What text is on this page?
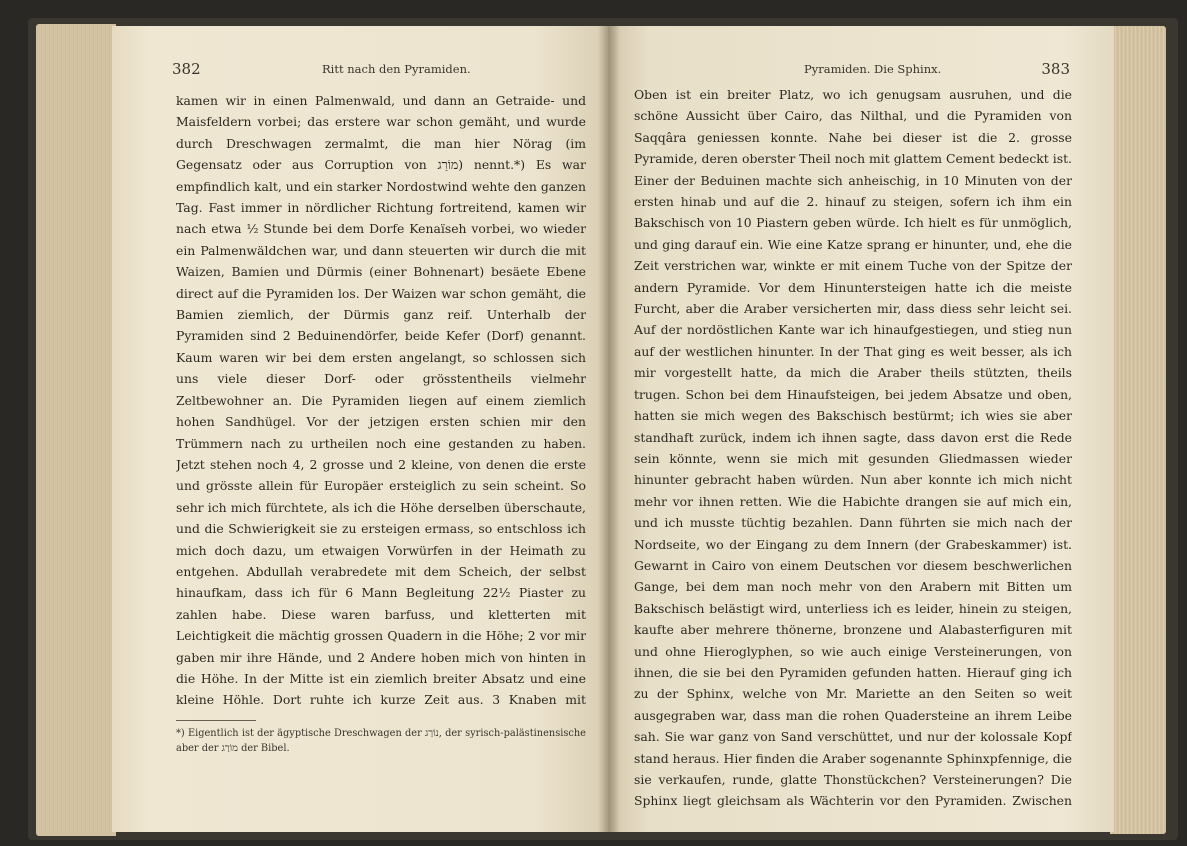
382	Ritt nach den Pyramiden.
kamen wir in einen Palmenwald, und dann an Getraide- und Maisfeldern vorbei; das erstere war schon gemäht, und wurde durch Dreschwagen zermalmt, die man hier Nörag (im Gegensatz oder aus Corruption von מוֹרַג) nennt.*) Es war empfindlich kalt, und ein starker Nordostwind wehte den ganzen Tag. Fast immer in nördlicher Richtung fortreitend, kamen wir nach etwa ½ Stunde bei dem Dorfe Kenaïseh vorbei, wo wieder ein Palmenwäldchen war, und dann steuerten wir durch die mit Waizen, Bamien und Dürmis (einer Bohnenart) besäete Ebene direct auf die Pyramiden los. Der Waizen war schon gemäht, die Bamien ziemlich, der Dürmis ganz reif. Unterhalb der Pyramiden sind 2 Beduinendörfer, beide Kefer (Dorf) genannt. Kaum waren wir bei dem ersten angelangt, so schlossen sich uns viele dieser Dorf- oder grösstentheils vielmehr Zeltbewohner an. Die Pyramiden liegen auf einem ziemlich hohen Sandhügel. Vor der jetzigen ersten schien mir den Trümmern nach zu urtheilen noch eine gestanden zu haben. Jetzt stehen noch 4, 2 grosse und 2 kleine, von denen die erste und grösste allein für Europäer ersteiglich zu sein scheint. So sehr ich mich fürchtete, als ich die Höhe derselben überschaute, und die Schwierigkeit sie zu ersteigen ermass, so entschloss ich mich doch dazu, um etwaigen Vorwürfen in der Heimath zu entgehen. Abdullah verabredete mit dem Scheich, der selbst hinaufkam, dass ich für 6 Mann Begleitung 22½ Piaster zu zahlen habe. Diese waren barfuss, und kletterten mit Leichtigkeit die mächtig grossen Quadern in die Höhe; 2 vor mir gaben mir ihre Hände, und 2 Andere hoben mich von hinten in die Höhe. In der Mitte ist ein ziemlich breiter Absatz und eine kleine Höhle. Dort ruhte ich kurze Zeit aus. 3 Knaben mit
*) Eigentlich ist der ägyptische Dreschwagen der נוֹרַג, der syrisch-palästinensische aber der מוֹרַג der Bibel.
Pyramiden. Die Sphinx.	383
Oben ist ein breiter Platz, wo ich genugsam ausruhen, und die schöne Aussicht über Cairo, das Nilthal, und die Pyramiden von Saqqâra geniessen konnte. Nahe bei dieser ist die 2. grosse Pyramide, deren oberster Theil noch mit glattem Cement bedeckt ist. Einer der Beduinen machte sich anheischig, in 10 Minuten von der ersten hinab und auf die 2. hinauf zu steigen, sofern ich ihm ein Bakschisch von 10 Piastern geben würde. Ich hielt es für unmöglich, und ging darauf ein. Wie eine Katze sprang er hinunter, und, ehe die Zeit verstrichen war, winkte er mit einem Tuche von der Spitze der andern Pyramide. Vor dem Hinuntersteigen hatte ich die meiste Furcht, aber die Araber versicherten mir, dass diess sehr leicht sei. Auf der nordöstlichen Kante war ich hinaufgestiegen, und stieg nun auf der westlichen hinunter. In der That ging es weit besser, als ich mir vorgestellt hatte, da mich die Araber theils stützten, theils trugen. Schon bei dem Hinaufsteigen, bei jedem Absatze und oben, hatten sie mich wegen des Bakschisch bestürmt; ich wies sie aber standhaft zurück, indem ich ihnen sagte, dass davon erst die Rede sein könnte, wenn sie mich mit gesunden Gliedmassen wieder hinunter gebracht haben würden. Nun aber konnte ich mich nicht mehr vor ihnen retten. Wie die Habichte drangen sie auf mich ein, und ich musste tüchtig bezahlen. Dann führten sie mich nach der Nordseite, wo der Eingang zu dem Innern (der Grabeskammer) ist. Gewarnt in Cairo von einem Deutschen vor diesem beschwerlichen Gange, bei dem man noch mehr von den Arabern mit Bitten um Bakschisch belästigt wird, unterliess ich es leider, hinein zu steigen, kaufte aber mehrere thönerne, bronzene und Alabasterfiguren mit und ohne Hieroglyphen, so wie auch einige Versteinerungen, von ihnen, die sie bei den Pyramiden gefunden hatten. Hierauf ging ich zu der Sphinx, welche von Mr. Mariette an den Seiten so weit ausgegraben war, dass man die rohen Quadersteine an ihrem Leibe sah. Sie war ganz von Sand verschüttet, und nur der kolossale Kopf stand heraus. Hier finden die Araber sogenannte Sphinxpfennige, die sie verkaufen, runde, glatte Thonstückchen? Versteinerungen? Die Sphinx liegt gleichsam als Wächterin vor den Pyramiden. Zwischen
